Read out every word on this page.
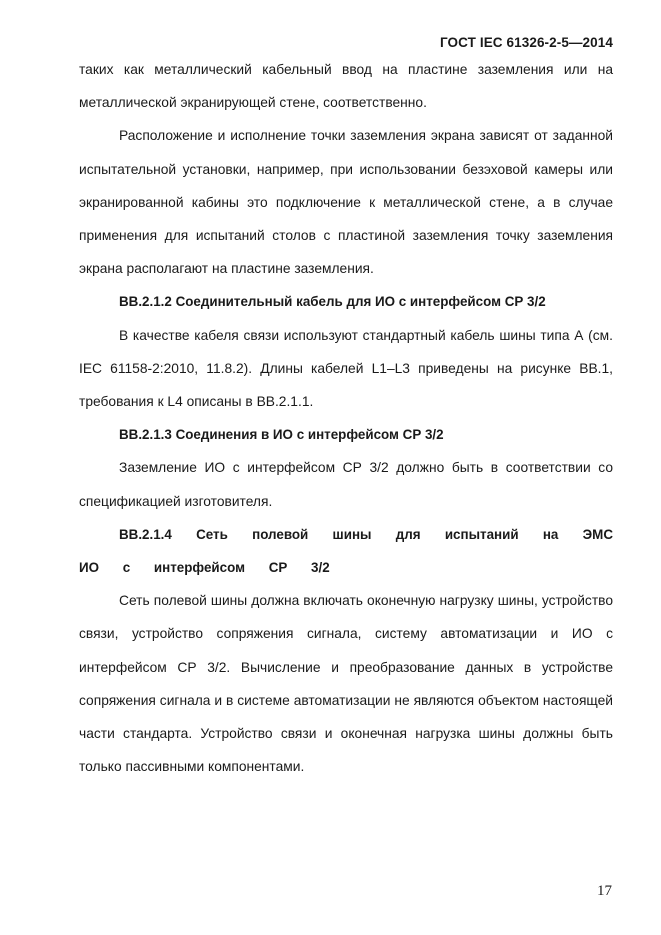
ГОСТ IEC 61326-2-5—2014

таких как металлический кабельный ввод на пластине заземления или на металлической экранирующей стене, соответственно.

Расположение и исполнение точки заземления экрана зависят от заданной испытательной установки, например, при использовании безэховой камеры или экранированной кабины это подключение к металлической стене, а в случае применения для испытаний столов с пластиной заземления точку заземления экрана располагают на пластине заземления.

ВВ.2.1.2 Соединительный кабель для ИО с интерфейсом СР 3/2

В качестве кабеля связи используют стандартный кабель шины типа А (см. IEC 61158-2:2010, 11.8.2). Длины кабелей L1–L3 приведены на рисунке ВВ.1, требования к L4 описаны в ВВ.2.1.1.

ВВ.2.1.3 Соединения в ИО с интерфейсом СР 3/2

Заземление ИО с интерфейсом СР 3/2 должно быть в соответствии со спецификацией изготовителя.

ВВ.2.1.4 Сеть полевой шины для испытаний на ЭМС ИО с интерфейсом СР 3/2

Сеть полевой шины должна включать оконечную нагрузку шины, устройство связи, устройство сопряжения сигнала, систему автоматизации и ИО с интерфейсом СР 3/2. Вычисление и преобразование данных в устройстве сопряжения сигнала и в системе автоматизации не являются объектом настоящей части стандарта. Устройство связи и оконечная нагрузка шины должны быть только пассивными компонентами.

17
